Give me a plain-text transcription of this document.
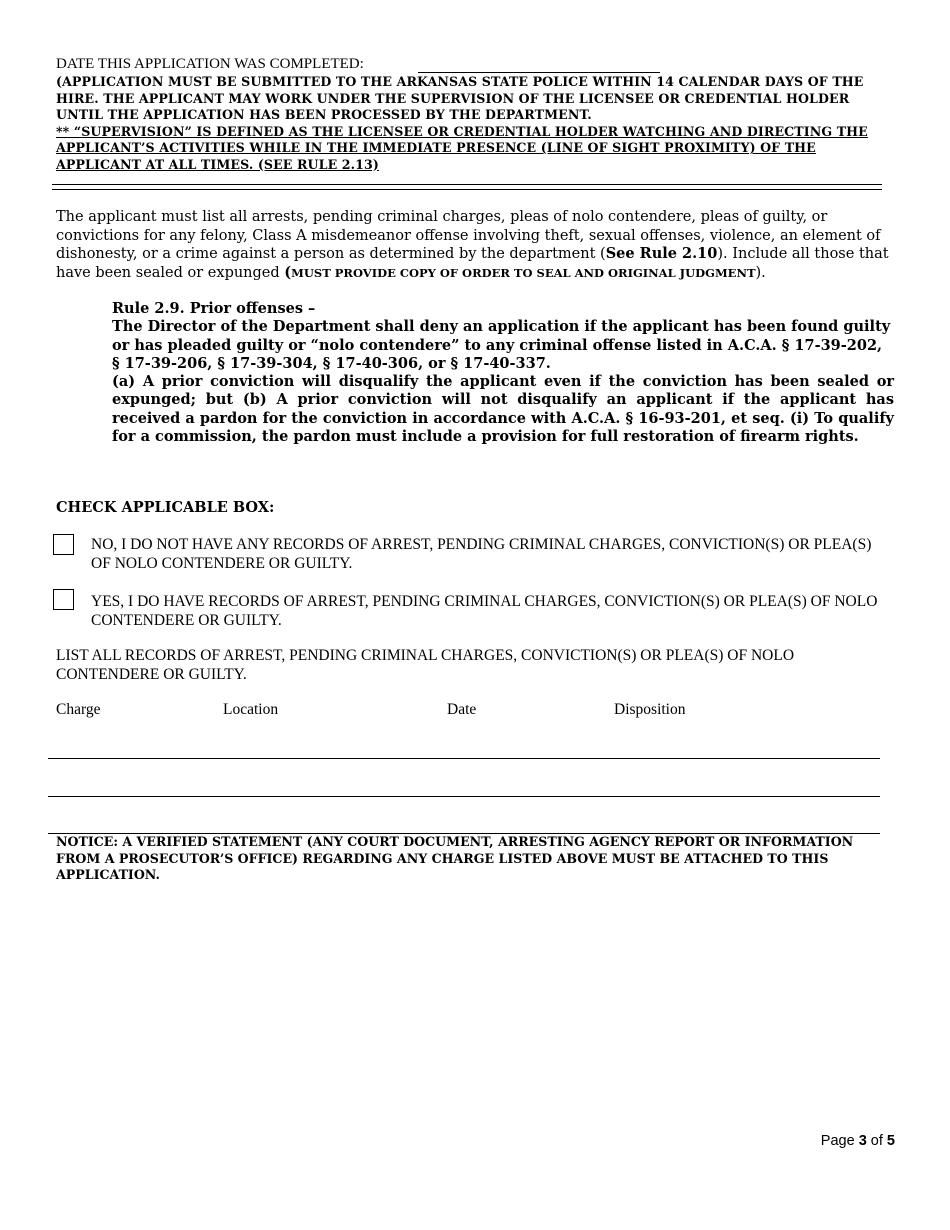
DATE THIS APPLICATION WAS COMPLETED:
(APPLICATION MUST BE SUBMITTED TO THE ARKANSAS STATE POLICE WITHIN 14 CALENDAR DAYS OF THE HIRE. THE APPLICANT MAY WORK UNDER THE SUPERVISION OF THE LICENSEE OR CREDENTIAL HOLDER UNTIL THE APPLICATION HAS BEEN PROCESSED BY THE DEPARTMENT.
** “SUPERVISION” IS DEFINED AS THE LICENSEE OR CREDENTIAL HOLDER WATCHING AND DIRECTING THE APPLICANT’S ACTIVITIES WHILE IN THE IMMEDIATE PRESENCE (LINE OF SIGHT PROXIMITY) OF THE APPLICANT AT ALL TIMES. (SEE RULE 2.13)
The applicant must list all arrests, pending criminal charges, pleas of nolo contendere, pleas of guilty, or convictions for any felony, Class A misdemeanor offense involving theft, sexual offenses, violence, an element of dishonesty, or a crime against a person as determined by the department (See Rule 2.10). Include all those that have been sealed or expunged (MUST PROVIDE COPY OF ORDER TO SEAL AND ORIGINAL JUDGMENT).
Rule 2.9. Prior offenses –
The Director of the Department shall deny an application if the applicant has been found guilty or has pleaded guilty or “nolo contendere” to any criminal offense listed in A.C.A. § 17-39-202, § 17-39-206, § 17-39-304, § 17-40-306, or § 17-40-337.
(a) A prior conviction will disqualify the applicant even if the conviction has been sealed or expunged; but (b) A prior conviction will not disqualify an applicant if the applicant has received a pardon for the conviction in accordance with A.C.A. § 16-93-201, et seq. (i) To qualify for a commission, the pardon must include a provision for full restoration of firearm rights.
CHECK APPLICABLE BOX:
NO, I DO NOT HAVE ANY RECORDS OF ARREST, PENDING CRIMINAL CHARGES, CONVICTION(S) OR PLEA(S) OF NOLO CONTENDERE OR GUILTY.
YES, I DO HAVE RECORDS OF ARREST, PENDING CRIMINAL CHARGES, CONVICTION(S) OR PLEA(S) OF NOLO CONTENDERE OR GUILTY.
LIST ALL RECORDS OF ARREST, PENDING CRIMINAL CHARGES, CONVICTION(S) OR PLEA(S) OF NOLO CONTENDERE OR GUILTY.
Charge	Location	Date	Disposition
NOTICE: A VERIFIED STATEMENT (ANY COURT DOCUMENT, ARRESTING AGENCY REPORT OR INFORMATION FROM A PROSECUTOR’S OFFICE) REGARDING ANY CHARGE LISTED ABOVE MUST BE ATTACHED TO THIS APPLICATION.
Page 3 of 5
